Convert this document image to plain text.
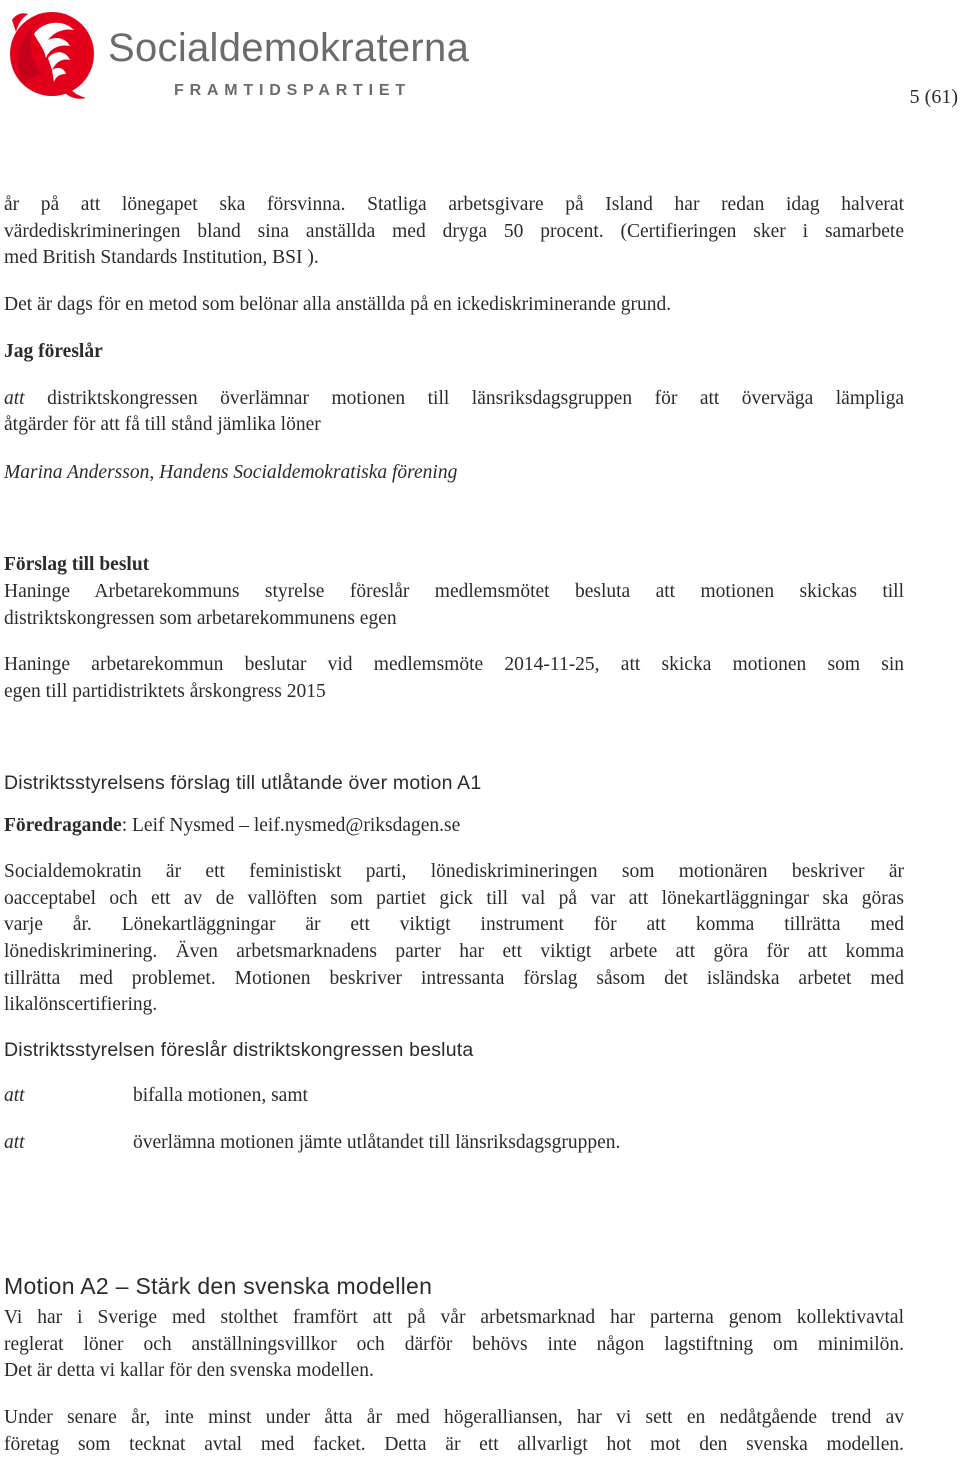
Socialdemokraterna
FRAMTIDSPARTIET	5 (61)
år på att lönegapet ska försvinna. Statliga arbetsgivare på Island har redan idag halverat
värdediskrimineringen bland sina anställda med dryga 50 procent. (Certifieringen sker i samarbete
med British Standards Institution, BSI ).
Det är dags för en metod som belönar alla anställda på en ickediskriminerande grund.
Jag föreslår
att distriktskongressen överlämnar motionen till länsriksdagsgruppen för att överväga lämpliga
åtgärder för att få till stånd jämlika löner
Marina Andersson, Handens Socialdemokratiska förening
Förslag till beslut
Haninge Arbetarekommuns styrelse föreslår medlemsmötet besluta att motionen skickas till
distriktskongressen som arbetarekommunens egen
Haninge arbetarekommun beslutar vid medlemsmöte 2014-11-25, att skicka motionen som sin
egen till partidistriktets årskongress 2015
Distriktsstyrelsens förslag till utlåtande över motion A1
Föredragande: Leif Nysmed – leif.nysmed@riksdagen.se
Socialdemokratin är ett feministiskt parti, lönediskrimineringen som motionären beskriver är
oacceptabel och ett av de vallöften som partiet gick till val på var att lönekartläggningar ska göras
varje år. Lönekartläggningar är ett viktigt instrument för att komma tillrätta med
lönediskriminering. Även arbetsmarknadens parter har ett viktigt arbete att göra för att komma
tillrätta med problemet. Motionen beskriver intressanta förslag såsom det isländska arbetet med
likalönscertifiering.
Distriktsstyrelsen föreslår distriktskongressen besluta
att	bifalla motionen, samt
att	överlämna motionen jämte utlåtandet till länsriksdagsgruppen.
Motion A2 – Stärk den svenska modellen
Vi har i Sverige med stolthet framfört att på vår arbetsmarknad har parterna genom kollektivavtal
reglerat löner och anställningsvillkor och därför behövs inte någon lagstiftning om minimilön.
Det är detta vi kallar för den svenska modellen.
Under senare år, inte minst under åtta år med högeralliansen, har vi sett en nedåtgående trend av
företag som tecknat avtal med facket. Detta är ett allvarligt hot mot den svenska modellen.
